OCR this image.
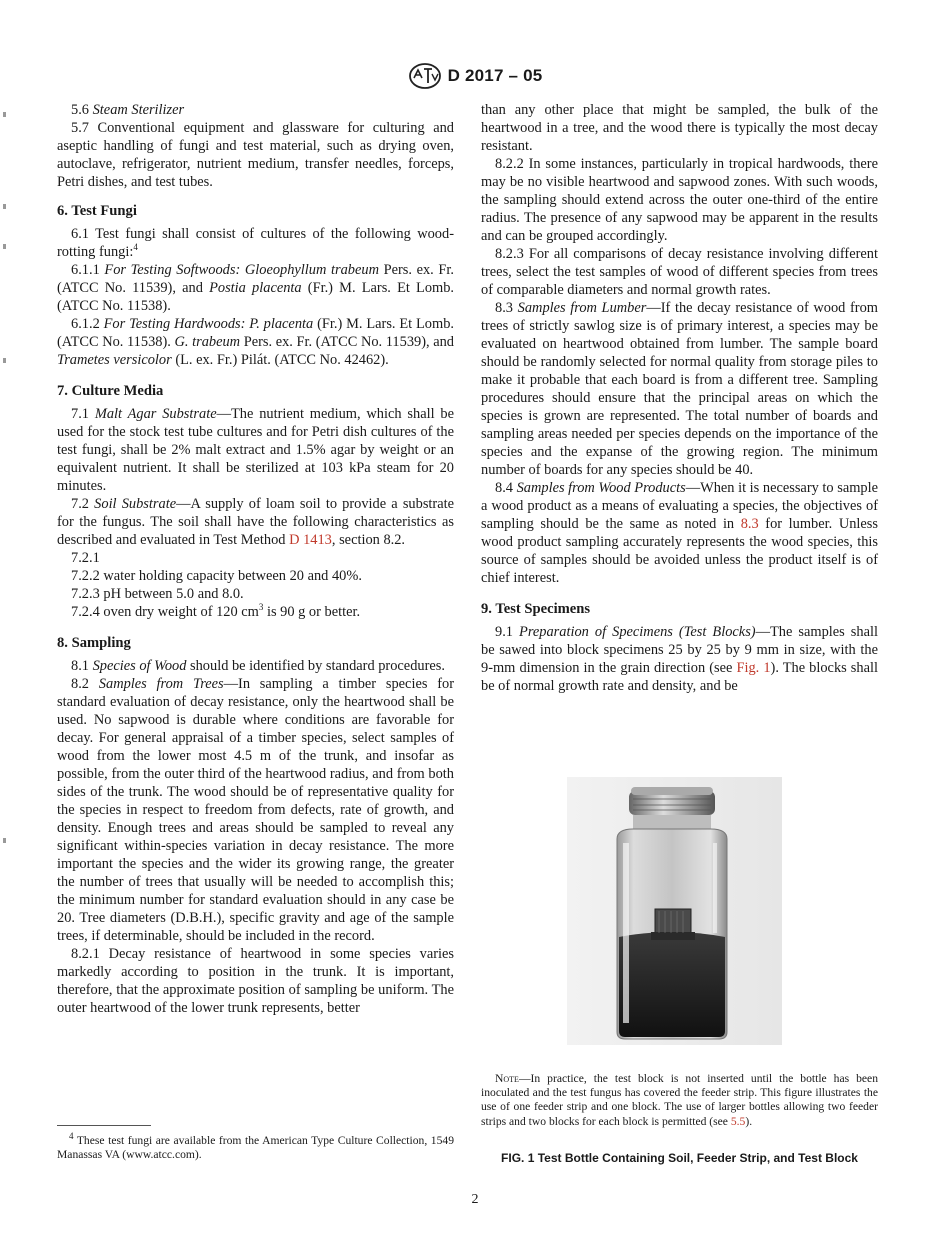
D 2017 – 05

5.6 Steam Sterilizer

5.7 Conventional equipment and glassware for culturing and aseptic handling of fungi and test material, such as drying oven, autoclave, refrigerator, nutrient medium, transfer needles, forceps, Petri dishes, and test tubes.

6. Test Fungi

6.1 Test fungi shall consist of cultures of the following wood-rotting fungi:$^4$

6.1.1 For Testing Softwoods: Gloeophyllum trabeum Pers. ex. Fr. (ATCC No. 11539), and Postia placenta (Fr.) M. Lars. Et Lomb. (ATCC No. 11538).

6.1.2 For Testing Hardwoods: P. placenta (Fr.) M. Lars. Et Lomb. (ATCC No. 11538). G. trabeum Pers. ex. Fr. (ATCC No. 11539), and Trametes versicolor (L. ex. Fr.) Pilát. (ATCC No. 42462).

7. Culture Media

7.1 Malt Agar Substrate—The nutrient medium, which shall be used for the stock test tube cultures and for Petri dish cultures of the test fungi, shall be 2% malt extract and 1.5% agar by weight or an equivalent nutrient. It shall be sterilized at 103 kPa steam for 20 minutes.

7.2 Soil Substrate—A supply of loam soil to provide a substrate for the fungus. The soil shall have the following characteristics as described and evaluated in Test Method D 1413, section 8.2.

7.2.1

7.2.2 water holding capacity between 20 and 40%.

7.2.3 pH between 5.0 and 8.0.

7.2.4 oven dry weight of 120 $cm^3$ is 90 g or better.

8. Sampling

8.1 Species of Wood should be identified by standard procedures.

8.2 Samples from Trees—In sampling a timber species for standard evaluation of decay resistance, only the heartwood shall be used. No sapwood is durable where conditions are favorable for decay. For general appraisal of a timber species, select samples of wood from the lower most 4.5 m of the trunk, and insofar as possible, from the outer third of the heartwood radius, and from both sides of the trunk. The wood should be of representative quality for the species in respect to freedom from defects, rate of growth, and density. Enough trees and areas should be sampled to reveal any significant within-species variation in decay resistance. The more important the species and the wider its growing range, the greater the number of trees that usually will be needed to accomplish this; the minimum number for standard evaluation should in any case be 20. Tree diameters (D.B.H.), specific gravity and age of the sample trees, if determinable, should be included in the record.

8.2.1 Decay resistance of heartwood in some species varies markedly according to position in the trunk. It is important, therefore, that the approximate position of sampling be uniform. The outer heartwood of the lower trunk represents, better

than any other place that might be sampled, the bulk of the heartwood in a tree, and the wood there is typically the most decay resistant.

8.2.2 In some instances, particularly in tropical hardwoods, there may be no visible heartwood and sapwood zones. With such woods, the sampling should extend across the outer one-third of the entire radius. The presence of any sapwood may be apparent in the results and can be grouped accordingly.

8.2.3 For all comparisons of decay resistance involving different trees, select the test samples of wood of different species from trees of comparable diameters and normal growth rates.

8.3 Samples from Lumber—If the decay resistance of wood from trees of strictly sawlog size is of primary interest, a species may be evaluated on heartwood obtained from lumber. The sample board should be randomly selected for normal quality from storage piles to make it probable that each board is from a different tree. Sampling procedures should ensure that the principal areas on which the species is grown are represented. The total number of boards and sampling areas needed per species depends on the importance of the species and the expanse of the growing region. The minimum number of boards for any species should be 40.

8.4 Samples from Wood Products—When it is necessary to sample a wood product as a means of evaluating a species, the objectives of sampling should be the same as noted in 8.3 for lumber. Unless wood product sampling accurately represents the wood species, this source of samples should be avoided unless the product itself is of chief interest.

9. Test Specimens

9.1 Preparation of Specimens (Test Blocks)—The samples shall be sawed into block specimens 25 by 25 by 9 mm in size, with the 9-mm dimension in the grain direction (see Fig. 1). The blocks shall be of normal growth rate and density, and be

Note—In practice, the test block is not inserted until the bottle has been inoculated and the test fungus has covered the feeder strip. This figure illustrates the use of one feeder strip and one block. The use of larger bottles allowing two feeder strips and two blocks for each block is permitted (see 5.5).
FIG. 1 Test Bottle Containing Soil, Feeder Strip, and Test Block

$^4$ These test fungi are available from the American Type Culture Collection, 1549 Manassas VA (www.atcc.com).

2
